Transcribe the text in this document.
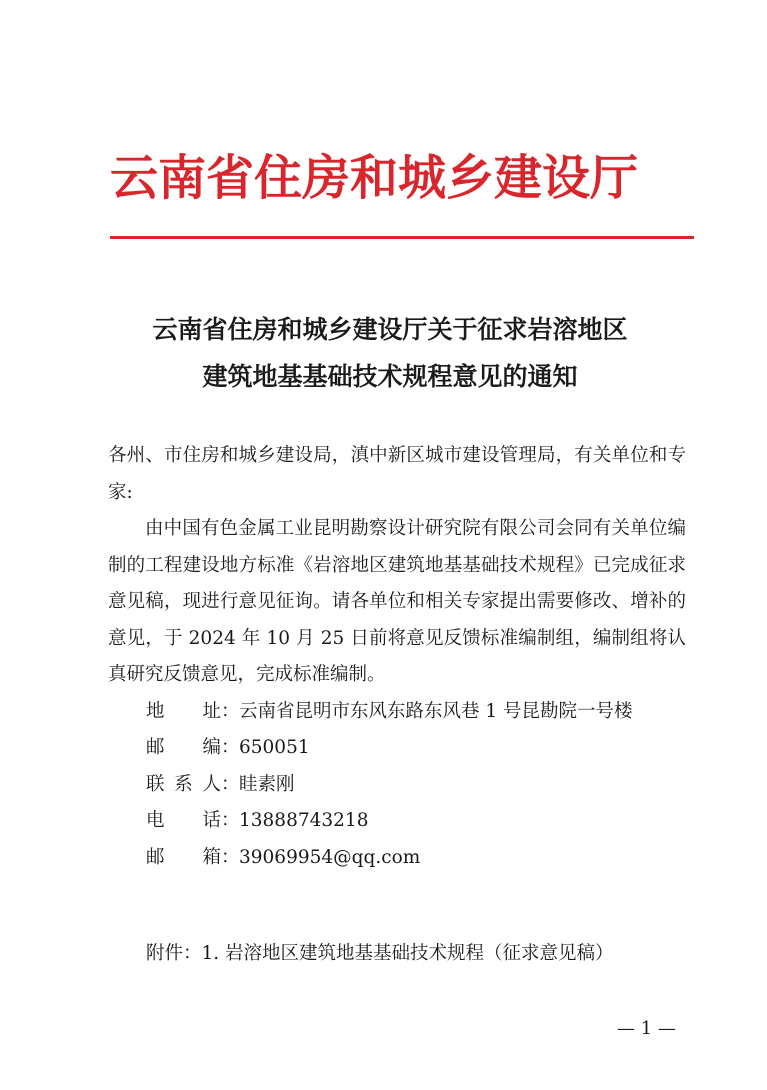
云南省住房和城乡建设厅
云南省住房和城乡建设厅关于征求岩溶地区
建筑地基基础技术规程意见的通知

各州、市住房和城乡建设局，滇中新区城市建设管理局，有关单位和专家:

由中国有色金属工业昆明勘察设计研究院有限公司会同有关单位编制的工程建设地方标准《岩溶地区建筑地基基础技术规程》已完成征求意见稿，现进行意见征询。请各单位和相关专家提出需要修改、增补的意见，于 2024 年 10 月 25 日前将意见反馈标准编制组，编制组将认真研究反馈意见，完成标准编制。

地址 ： 云南省昆明市东风东路东风巷 1 号昆勘院一号楼
邮编 ： 650051
联系人 ： 眭素刚
电话 ： 13888743218
邮箱 ： 39069954@qq.com
附件：1. 岩溶地区建筑地基基础技术规程（征求意见稿）
— 1 —
